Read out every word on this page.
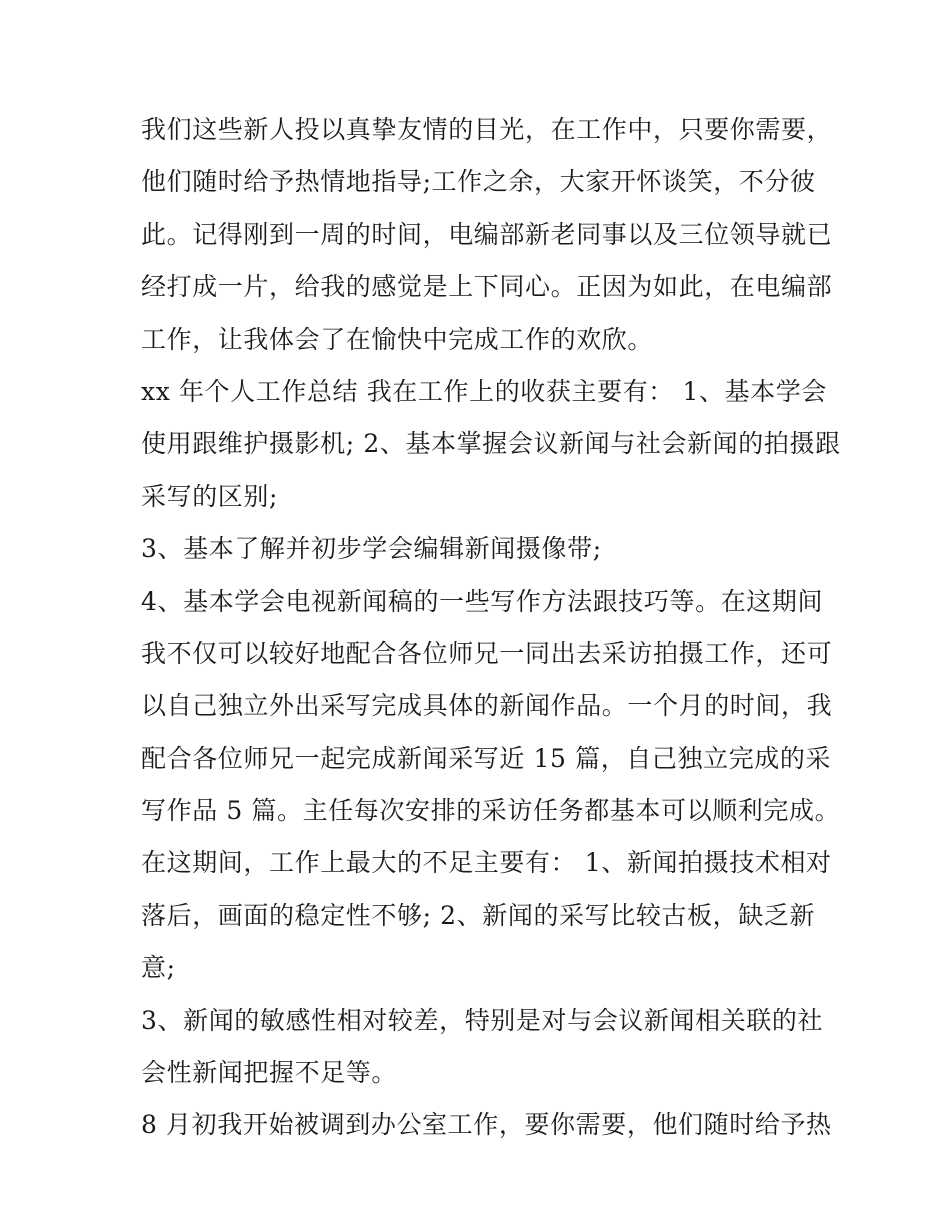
我们这些新人投以真挚友情的目光，在工作中，只要你需要，
他们随时给予热情地指导;工作之余，大家开怀谈笑，不分彼
此。记得刚到一周的时间，电编部新老同事以及三位领导就已
经打成一片，给我的感觉是上下同心。正因为如此，在电编部
工作，让我体会了在愉快中完成工作的欢欣。
xx 年个人工作总结 我在工作上的收获主要有： 1、基本学会
使用跟维护摄影机; 2、基本掌握会议新闻与社会新闻的拍摄跟
采写的区别;
3、基本了解并初步学会编辑新闻摄像带;
4、基本学会电视新闻稿的一些写作方法跟技巧等。在这期间
我不仅可以较好地配合各位师兄一同出去采访拍摄工作，还可
以自己独立外出采写完成具体的新闻作品。一个月的时间，我
配合各位师兄一起完成新闻采写近 15 篇，自己独立完成的采
写作品 5 篇。主任每次安排的采访任务都基本可以顺利完成。
在这期间，工作上最大的不足主要有： 1、新闻拍摄技术相对
落后，画面的稳定性不够; 2、新闻的采写比较古板，缺乏新
意;
3、新闻的敏感性相对较差，特别是对与会议新闻相关联的社
会性新闻把握不足等。
8 月初我开始被调到办公室工作，要你需要，他们随时给予热
